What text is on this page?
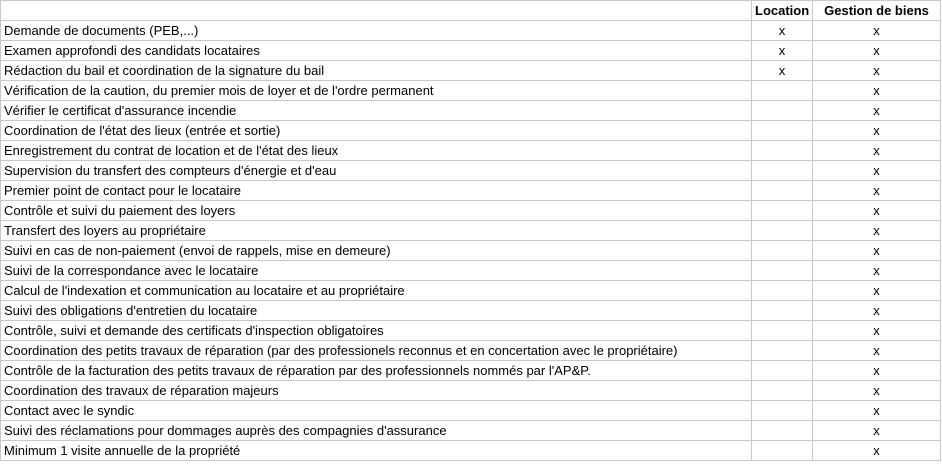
	Location	Gestion de biens
Demande de documents (PEB,...)	x	x
Examen approfondi des candidats locataires	x	x
Rédaction du bail et coordination de la signature du bail	x	x
Vérification de la caution, du premier mois de loyer et de l'ordre permanent		x
Vérifier le certificat d'assurance incendie		x
Coordination de l'état des lieux (entrée et sortie)		x
Enregistrement du contrat de location et de l'état des lieux		x
Supervision du transfert des compteurs d'énergie et d'eau		x
Premier point de contact pour le locataire		x
Contrôle et suivi du paiement des loyers		x
Transfert des loyers au propriétaire		x
Suivi en cas de non-paiement (envoi de rappels, mise en demeure)		x
Suivi de la correspondance avec le locataire		x
Calcul de l'indexation et communication au locataire et au propriétaire		x
Suivi des obligations d'entretien du locataire		x
Contrôle, suivi et demande des certificats d'inspection obligatoires		x
Coordination des petits travaux de réparation (par des professionels reconnus et en concertation avec le propriétaire)		x
Contrôle de la facturation des petits travaux de réparation par des professionnels nommés par l'AP&P.		x
Coordination des travaux de réparation majeurs		x
Contact avec le syndic		x
Suivi des réclamations pour dommages auprès des compagnies d'assurance		x
Minimum 1 visite annuelle de la propriété		x
